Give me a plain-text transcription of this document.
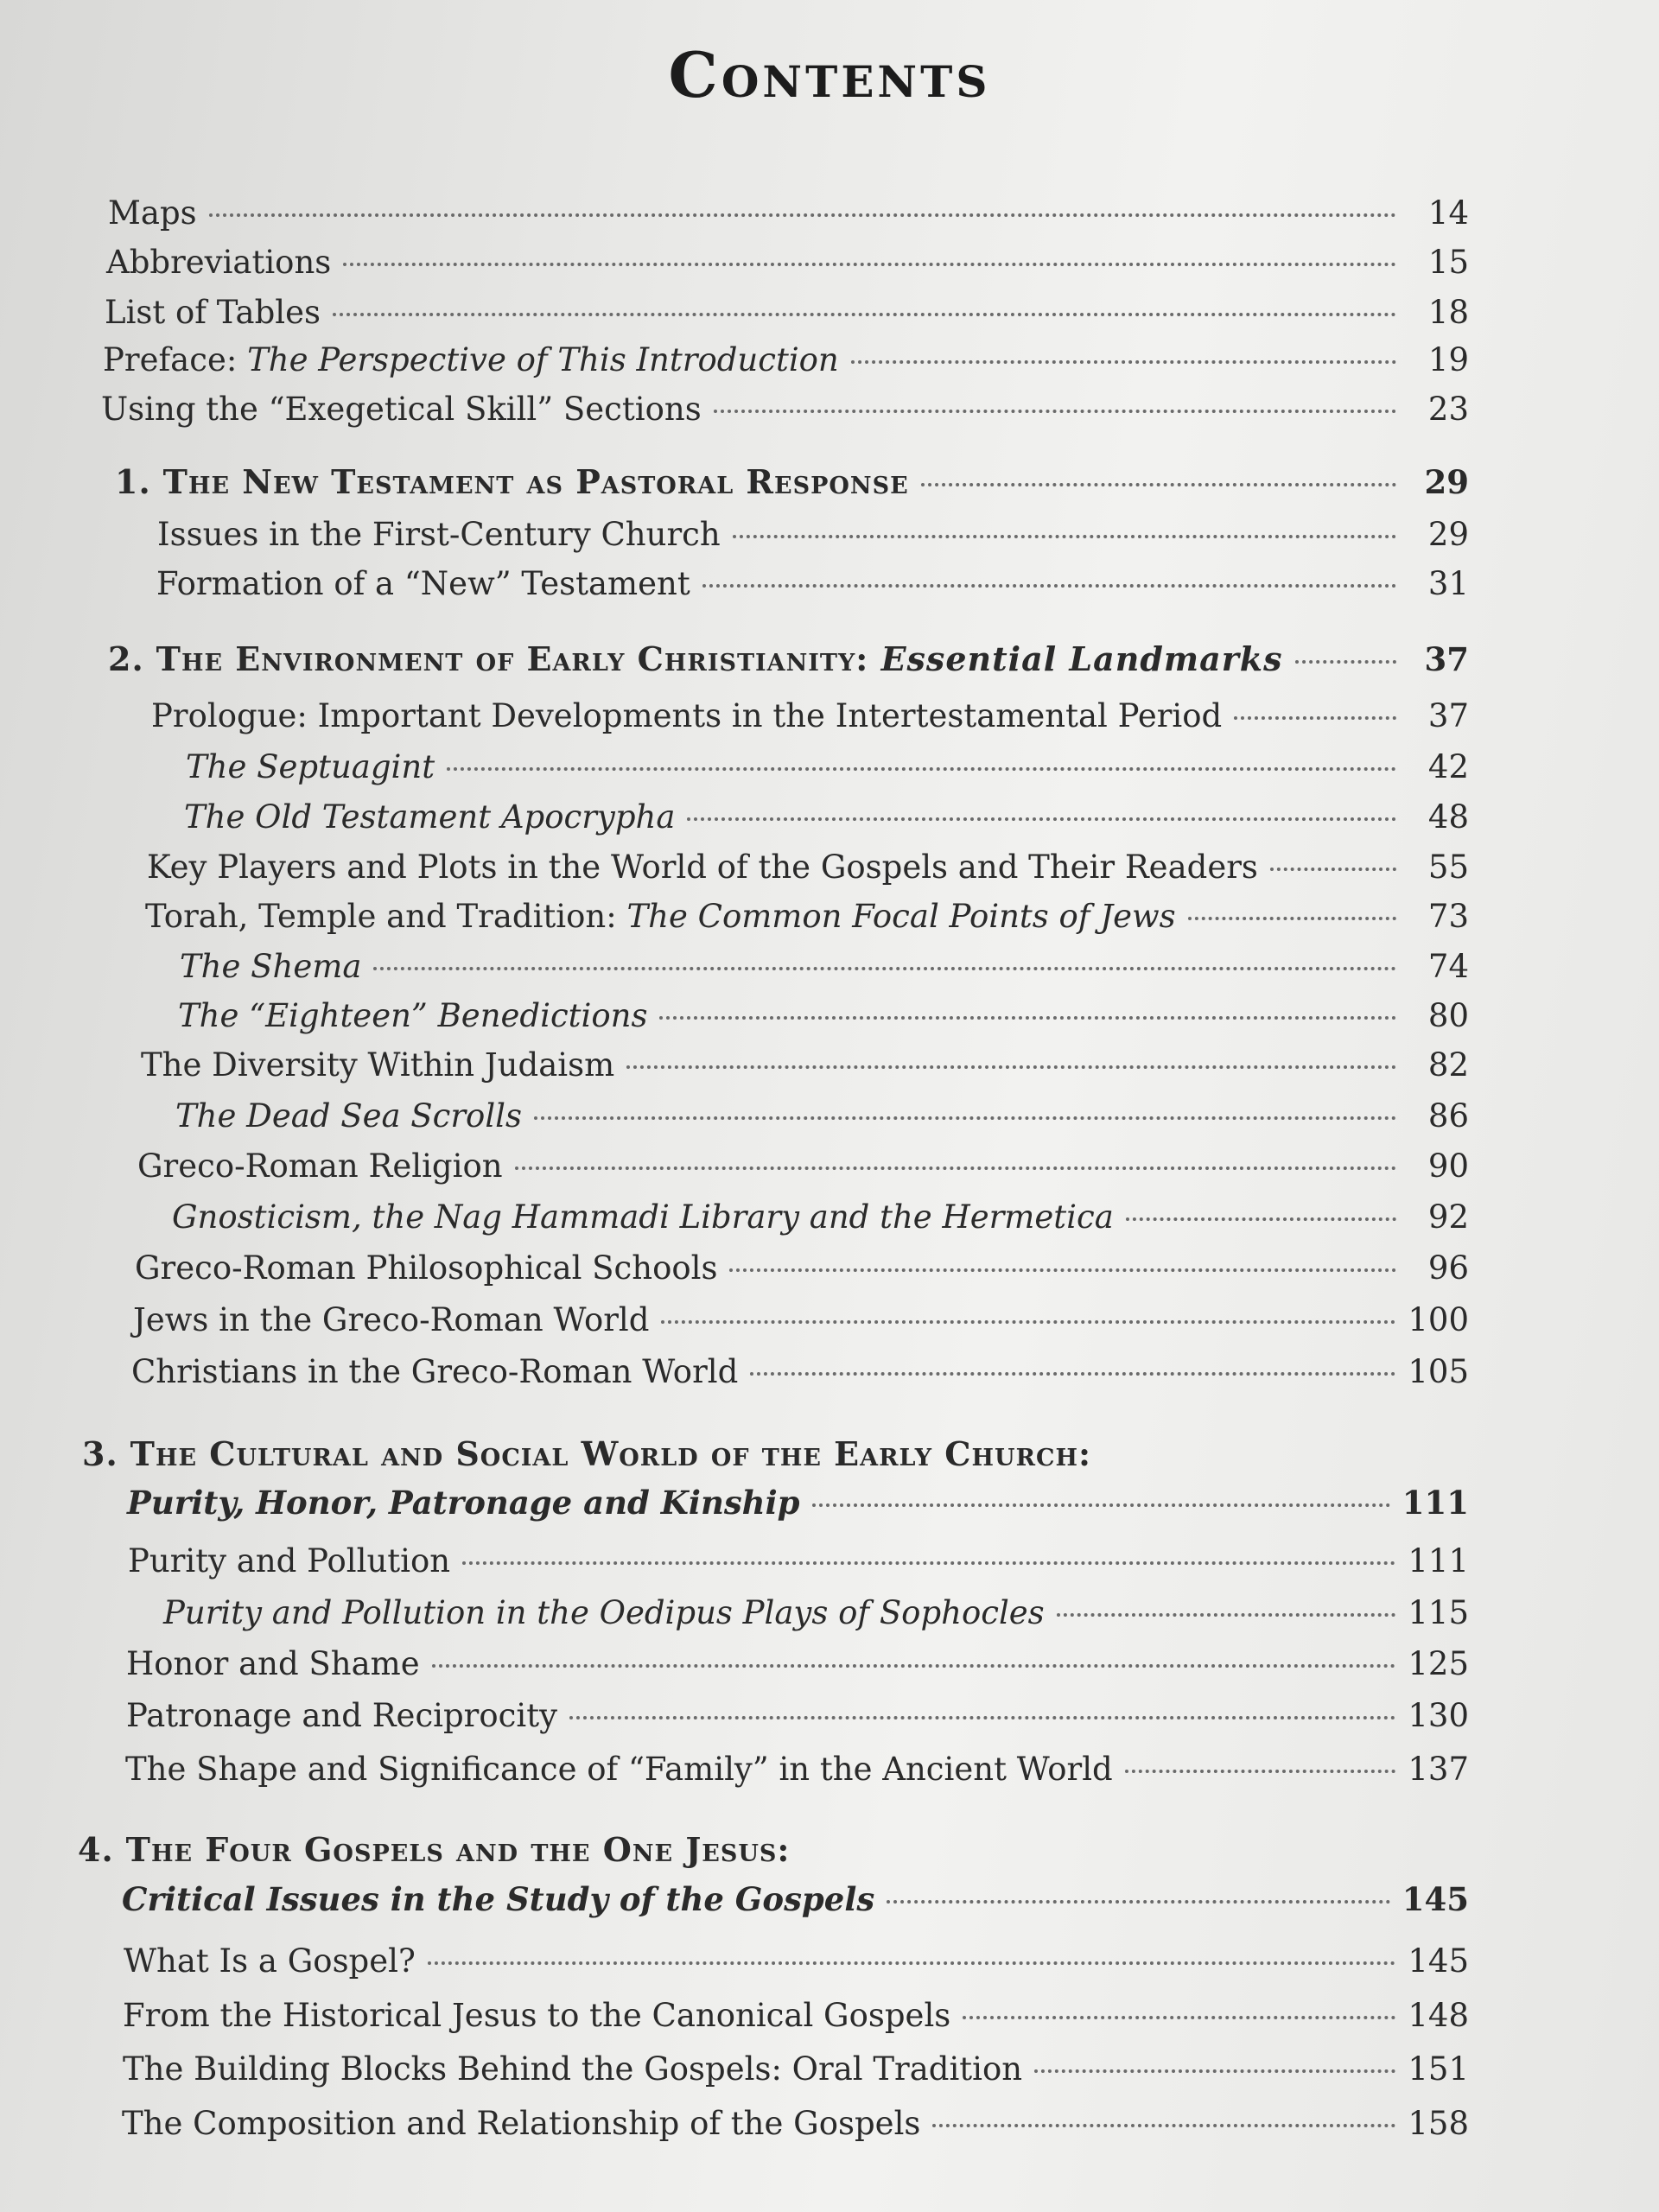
Contents
Maps	14
Abbreviations	15
List of Tables	18
Preface: The Perspective of This Introduction	19
Using the “Exegetical Skill” Sections	23
1. The New Testament as Pastoral Response	29
Issues in the First-Century Church	29
Formation of a “New” Testament	31
2. The Environment of Early Christianity: Essential Landmarks	37
Prologue: Important Developments in the Intertestamental Period	37
The Septuagint	42
The Old Testament Apocrypha	48
Key Players and Plots in the World of the Gospels and Their Readers	55
Torah, Temple and Tradition: The Common Focal Points of Jews	73
The Shema	74
The “Eighteen” Benedictions	80
The Diversity Within Judaism	82
The Dead Sea Scrolls	86
Greco-Roman Religion	90
Gnosticism, the Nag Hammadi Library and the Hermetica	92
Greco-Roman Philosophical Schools	96
Jews in the Greco-Roman World	100
Christians in the Greco-Roman World	105
3. The Cultural and Social World of the Early Church:
Purity, Honor, Patronage and Kinship	111
Purity and Pollution	111
Purity and Pollution in the Oedipus Plays of Sophocles	115
Honor and Shame	125
Patronage and Reciprocity	130
The Shape and Significance of “Family” in the Ancient World	137
4. The Four Gospels and the One Jesus:
Critical Issues in the Study of the Gospels	145
What Is a Gospel?	145
From the Historical Jesus to the Canonical Gospels	148
The Building Blocks Behind the Gospels: Oral Tradition	151
The Composition and Relationship of the Gospels	158
